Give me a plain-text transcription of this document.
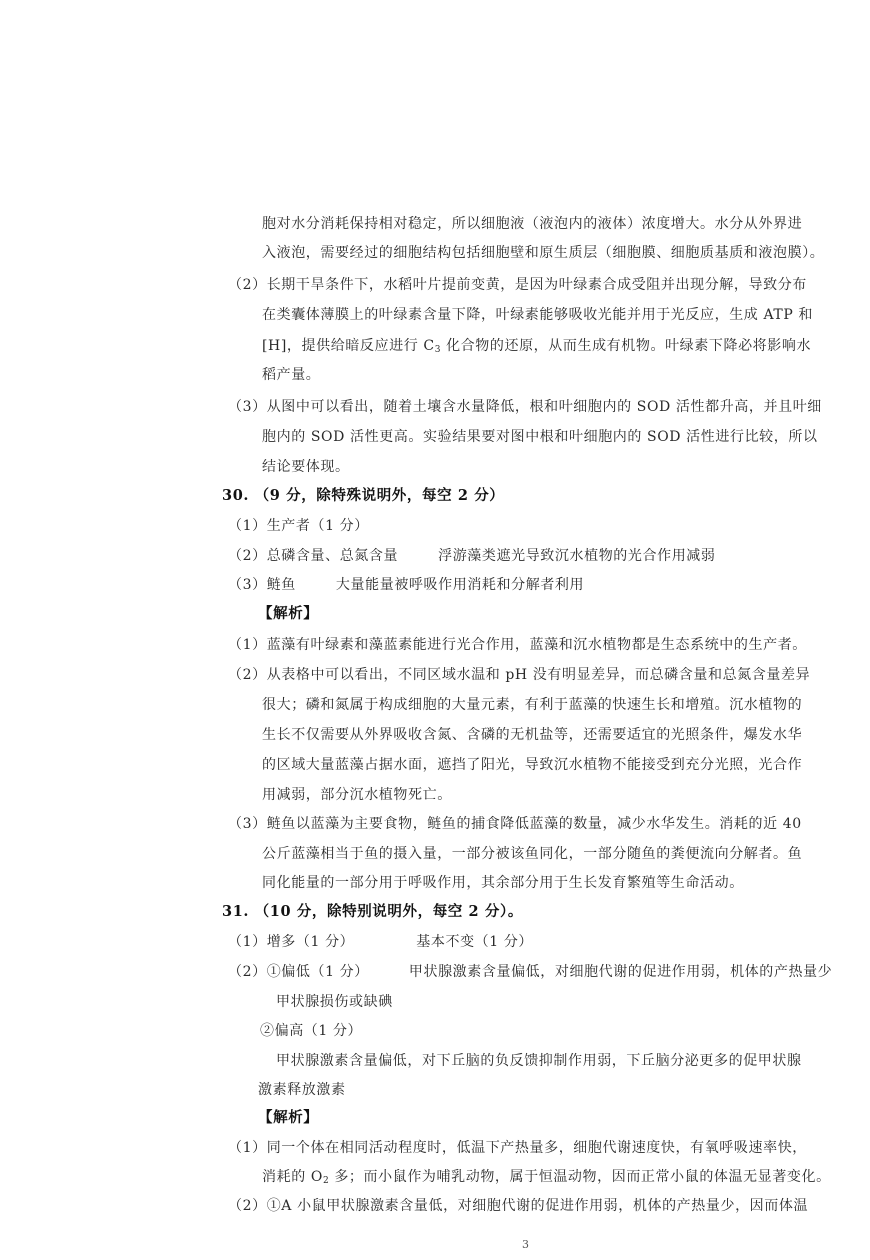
胞对水分消耗保持相对稳定，所以细胞液（液泡内的液体）浓度增大。水分从外界进
入液泡，需要经过的细胞结构包括细胞壁和原生质层（细胞膜、细胞质基质和液泡膜）。
（2）长期干旱条件下，水稻叶片提前变黄，是因为叶绿素合成受阻并出现分解，导致分布
在类囊体薄膜上的叶绿素含量下降，叶绿素能够吸收光能并用于光反应，生成 ATP 和
[H]，提供给暗反应进行 $C_3$ 化合物的还原，从而生成有机物。叶绿素下降必将影响水
稻产量。
（3）从图中可以看出，随着土壤含水量降低，根和叶细胞内的 SOD 活性都升高，并且叶细
胞内的 SOD 活性更高。实验结果要对图中根和叶细胞内的 SOD 活性进行比较，所以
结论要体现。
30. （9 分，除特殊说明外，每空 2 分）
（1）生产者（1 分）
（2）总磷含量、总氮含量	浮游藻类遮光导致沉水植物的光合作用减弱
（3）鲢鱼	大量能量被呼吸作用消耗和分解者利用
【解析】
（1）蓝藻有叶绿素和藻蓝素能进行光合作用，蓝藻和沉水植物都是生态系统中的生产者。
（2）从表格中可以看出，不同区域水温和 pH 没有明显差异，而总磷含量和总氮含量差异
很大；磷和氮属于构成细胞的大量元素，有利于蓝藻的快速生长和增殖。沉水植物的
生长不仅需要从外界吸收含氮、含磷的无机盐等，还需要适宜的光照条件，爆发水华
的区域大量蓝藻占据水面，遮挡了阳光，导致沉水植物不能接受到充分光照，光合作
用减弱，部分沉水植物死亡。
（3）鲢鱼以蓝藻为主要食物，鲢鱼的捕食降低蓝藻的数量，减少水华发生。消耗的近 40
公斤蓝藻相当于鱼的摄入量，一部分被该鱼同化，一部分随鱼的粪便流向分解者。鱼
同化能量的一部分用于呼吸作用，其余部分用于生长发育繁殖等生命活动。
31. （10 分，除特别说明外，每空 2 分）。
（1）增多（1 分）	基本不变（1 分）
（2）①偏低（1 分）	甲状腺激素含量偏低，对细胞代谢的促进作用弱，机体的产热量少
甲状腺损伤或缺碘
②偏高（1 分）
甲状腺激素含量偏低，对下丘脑的负反馈抑制作用弱，下丘脑分泌更多的促甲状腺
激素释放激素
【解析】
（1）同一个体在相同活动程度时，低温下产热量多，细胞代谢速度快，有氧呼吸速率快，
消耗的 $O_2$ 多；而小鼠作为哺乳动物，属于恒温动物，因而正常小鼠的体温无显著变化。
（2）①A 小鼠甲状腺激素含量低，对细胞代谢的促进作用弱，机体的产热量少，因而体温
3
